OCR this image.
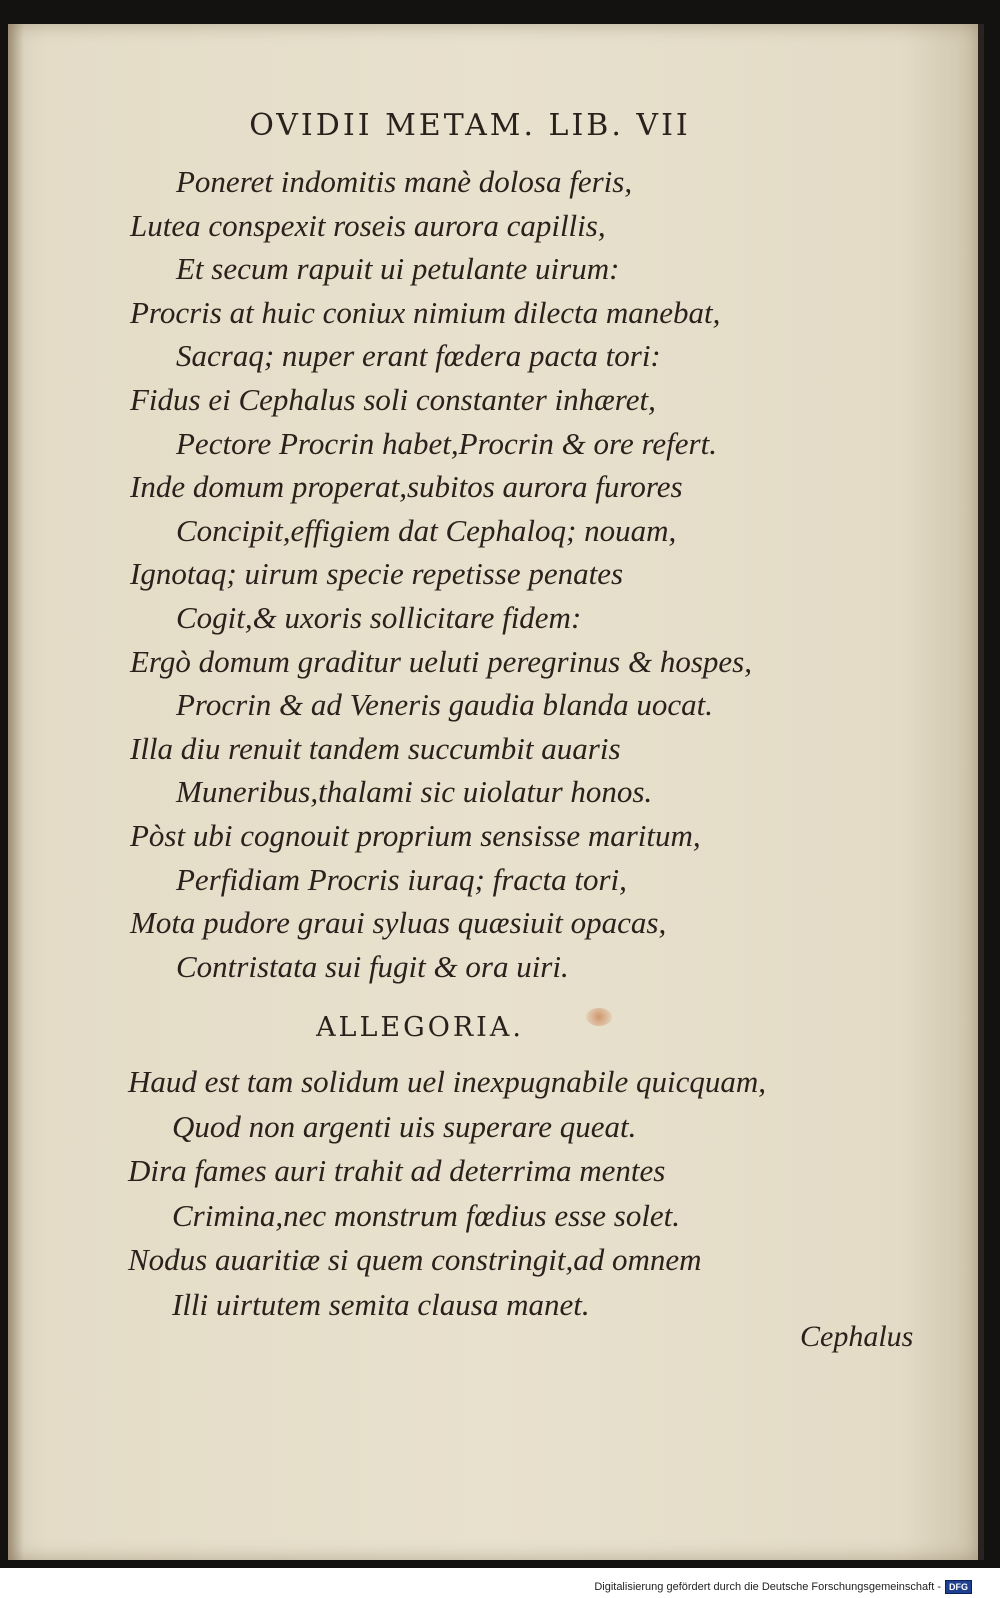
OVIDII METAM. LIB. VII
Poneret indomitis manè dolosa feris,
Lutea conspexit roseis aurora capillis,
Et secum rapuit ui petulante uirum:
Procris at huic coniux nimium dilecta manebat,
Sacraq; nuper erant fœdera pacta tori:
Fidus ei Cephalus soli constanter inhæret,
Pectore Procrin habet,Procrin & ore refert.
Inde domum properat,subitos aurora furores
Concipit,effigiem dat Cephaloq; nouam,
Ignotaq; uirum specie repetisse penates
Cogit,& uxoris sollicitare fidem:
Ergò domum graditur ueluti peregrinus & hospes,
Procrin & ad Veneris gaudia blanda uocat.
Illa diu renuit tandem succumbit auaris
Muneribus,thalami sic uiolatur honos.
Pòst ubi cognouit proprium sensisse maritum,
Perfidiam Procris iuraq; fracta tori,
Mota pudore graui syluas quæsiuit opacas,
Contristata sui fugit & ora uiri.
ALLEGORIA.
Haud est tam solidum uel inexpugnabile quicquam,
Quod non argenti uis superare queat.
Dira fames auri trahit ad deterrima mentes
Crimina,nec monstrum fœdius esse solet.
Nodus auaritiæ si quem constringit,ad omnem
Illi uirtutem semita clausa manet.
Cephalus
Digitalisierung gefördert durch die Deutsche Forschungsgemeinschaft - DFG
